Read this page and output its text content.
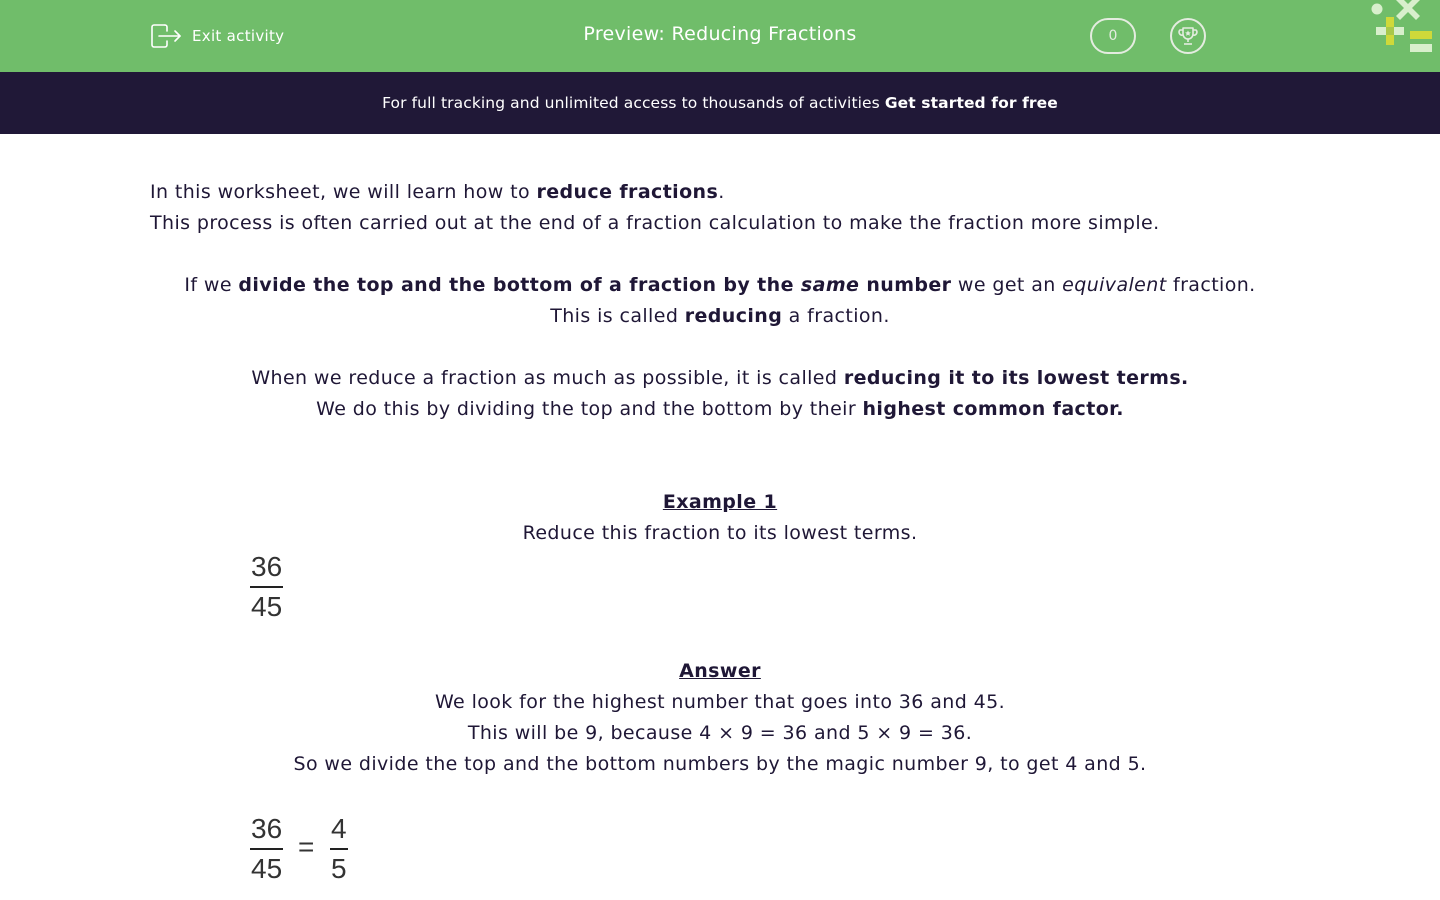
Exit activity	Preview: Reducing Fractions	0
For full tracking and unlimited access to thousands of activities Get started for free
In this worksheet, we will learn how to reduce fractions.
This process is often carried out at the end of a fraction calculation to make the fraction more simple.
If we divide the top and the bottom of a fraction by the same number we get an equivalent fraction.
This is called reducing a fraction.
When we reduce a fraction as much as possible, it is called reducing it to its lowest terms.
We do this by dividing the top and the bottom by their highest common factor.
Example 1
Reduce this fraction to its lowest terms.
36
45
Answer
We look for the highest number that goes into 36 and 45.
This will be 9, because 4 × 9 = 36 and 5 × 9 = 36.
So we divide the top and the bottom numbers by the magic number 9, to get 4 and 5.
36
45
=
4
5
